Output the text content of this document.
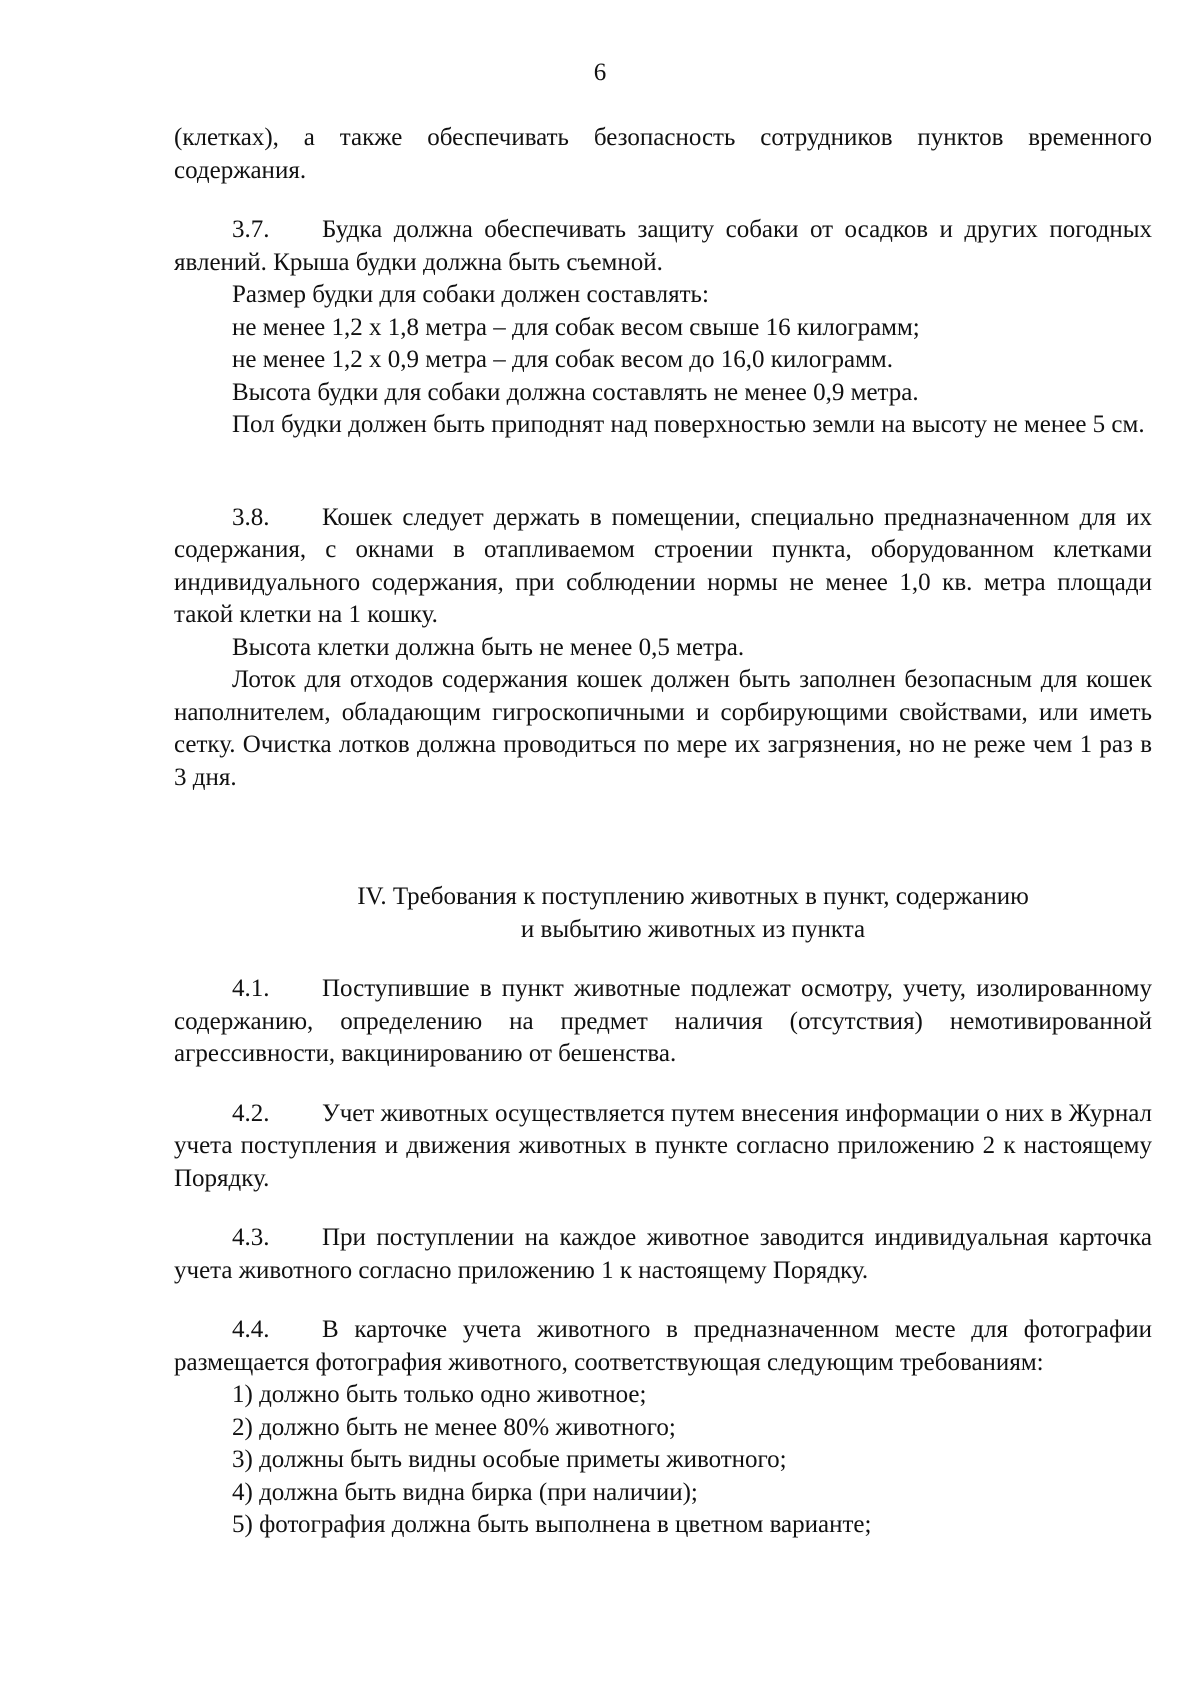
6

(клетках), а также обеспечивать безопасность сотрудников пунктов временного содержания.

3.7. Будка должна обеспечивать защиту собаки от осадков и других погодных явлений. Крыша будки должна быть съемной.

Размер будки для собаки должен составлять:

не менее 1,2 х 1,8 метра – для собак весом свыше 16 килограмм;

не менее 1,2 х 0,9 метра – для собак весом до 16,0 килограмм.

Высота будки для собаки должна составлять не менее 0,9 метра.

Пол будки должен быть приподнят над поверхностью земли на высоту не менее 5 см.

3.8. Кошек следует держать в помещении, специально предназначенном для их содержания, с окнами в отапливаемом строении пункта, оборудованном клетками индивидуального содержания, при соблюдении нормы не менее 1,0 кв. метра площади такой клетки на 1 кошку.

Высота клетки должна быть не менее 0,5 метра.

Лоток для отходов содержания кошек должен быть заполнен безопасным для кошек наполнителем, обладающим гигроскопичными и сорбирующими свойствами, или иметь сетку. Очистка лотков должна проводиться по мере их загрязнения, но не реже чем 1 раз в 3 дня.

IV. Требования к поступлению животных в пункт, содержанию
и выбытию животных из пункта

4.1. Поступившие в пункт животные подлежат осмотру, учету, изолированному содержанию, определению на предмет наличия (отсутствия) немотивированной агрессивности, вакцинированию от бешенства.

4.2. Учет животных осуществляется путем внесения информации о них в Журнал учета поступления и движения животных в пункте согласно приложению 2 к настоящему Порядку.

4.3. При поступлении на каждое животное заводится индивидуальная карточка учета животного согласно приложению 1 к настоящему Порядку.

4.4. В карточке учета животного в предназначенном месте для фотографии размещается фотография животного, соответствующая следующим требованиям:

1) должно быть только одно животное;

2) должно быть не менее 80% животного;

3) должны быть видны особые приметы животного;

4) должна быть видна бирка (при наличии);

5) фотография должна быть выполнена в цветном варианте;
